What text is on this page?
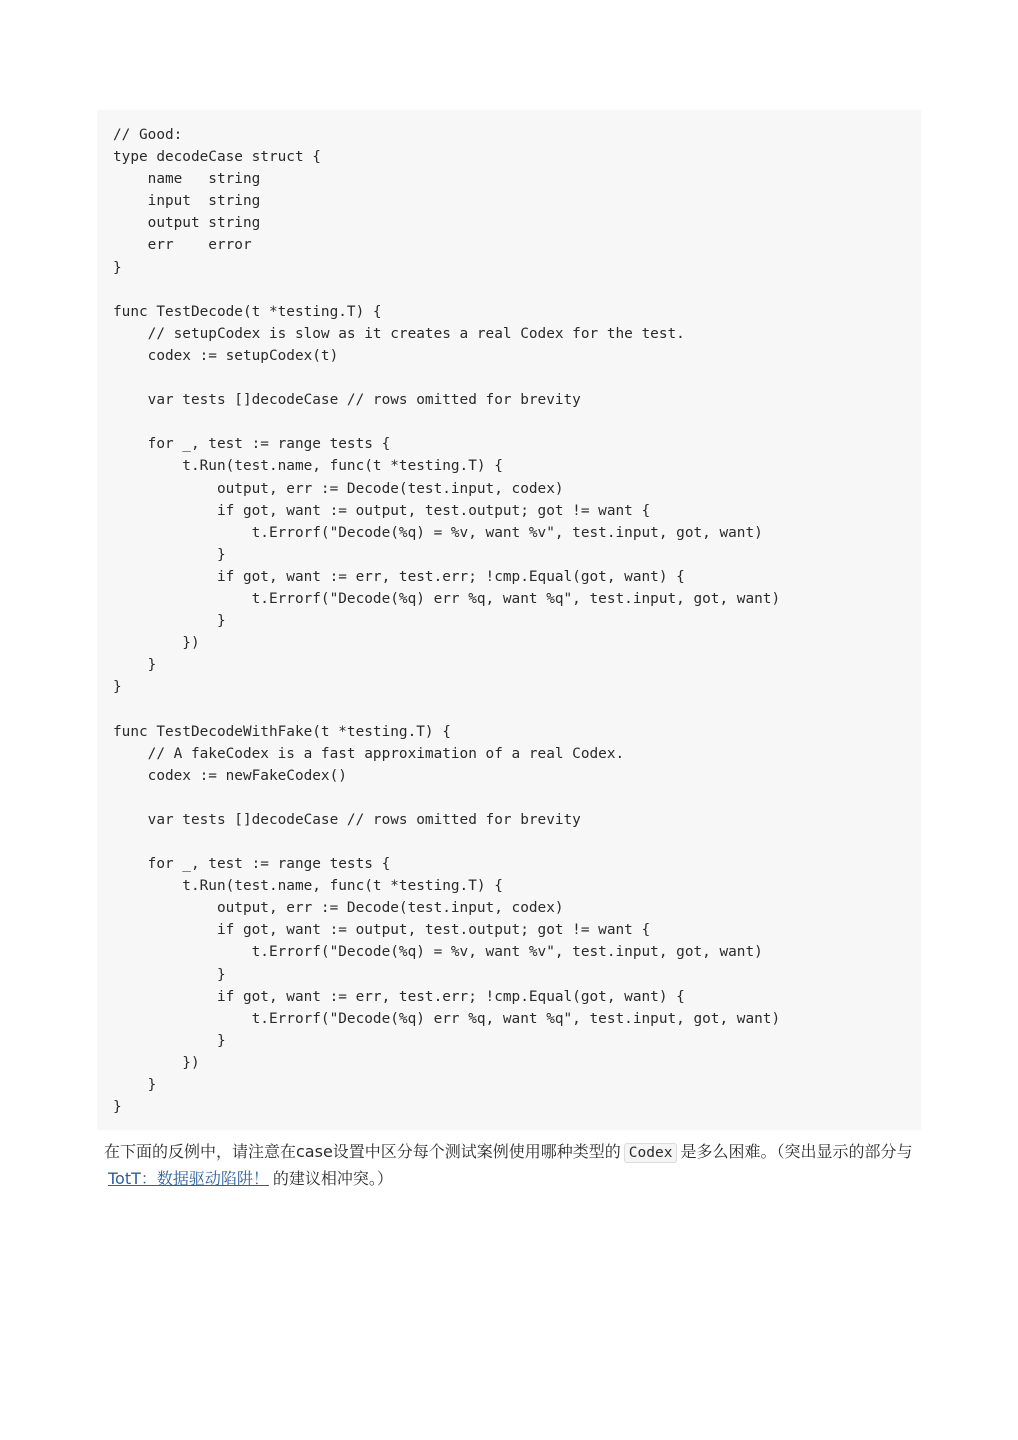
// Good:
type decodeCase struct {
name   string
input  string
output string
err    error
}
func TestDecode(t *testing.T) {
// setupCodex is slow as it creates a real Codex for the test.
codex := setupCodex(t)
var tests []decodeCase // rows omitted for brevity
for _, test := range tests {
t.Run(test.name, func(t *testing.T) {
output, err := Decode(test.input, codex)
if got, want := output, test.output; got != want {
t.Errorf("Decode(%q) = %v, want %v", test.input, got, want)
}
if got, want := err, test.err; !cmp.Equal(got, want) {
t.Errorf("Decode(%q) err %q, want %q", test.input, got, want)
}
})
}
}
func TestDecodeWithFake(t *testing.T) {
// A fakeCodex is a fast approximation of a real Codex.
codex := newFakeCodex()
var tests []decodeCase // rows omitted for brevity
for _, test := range tests {
t.Run(test.name, func(t *testing.T) {
output, err := Decode(test.input, codex)
if got, want := output, test.output; got != want {
t.Errorf("Decode(%q) = %v, want %v", test.input, got, want)
}
if got, want := err, test.err; !cmp.Equal(got, want) {
t.Errorf("Decode(%q) err %q, want %q", test.input, got, want)
}
})
}
}

在下面的反例中，请注意在case设置中区分每个测试案例使用哪种类型的 Codex 是多么困难。（突出显示的部分与TotT：数据驱动陷阱！ 的建议相冲突。）
